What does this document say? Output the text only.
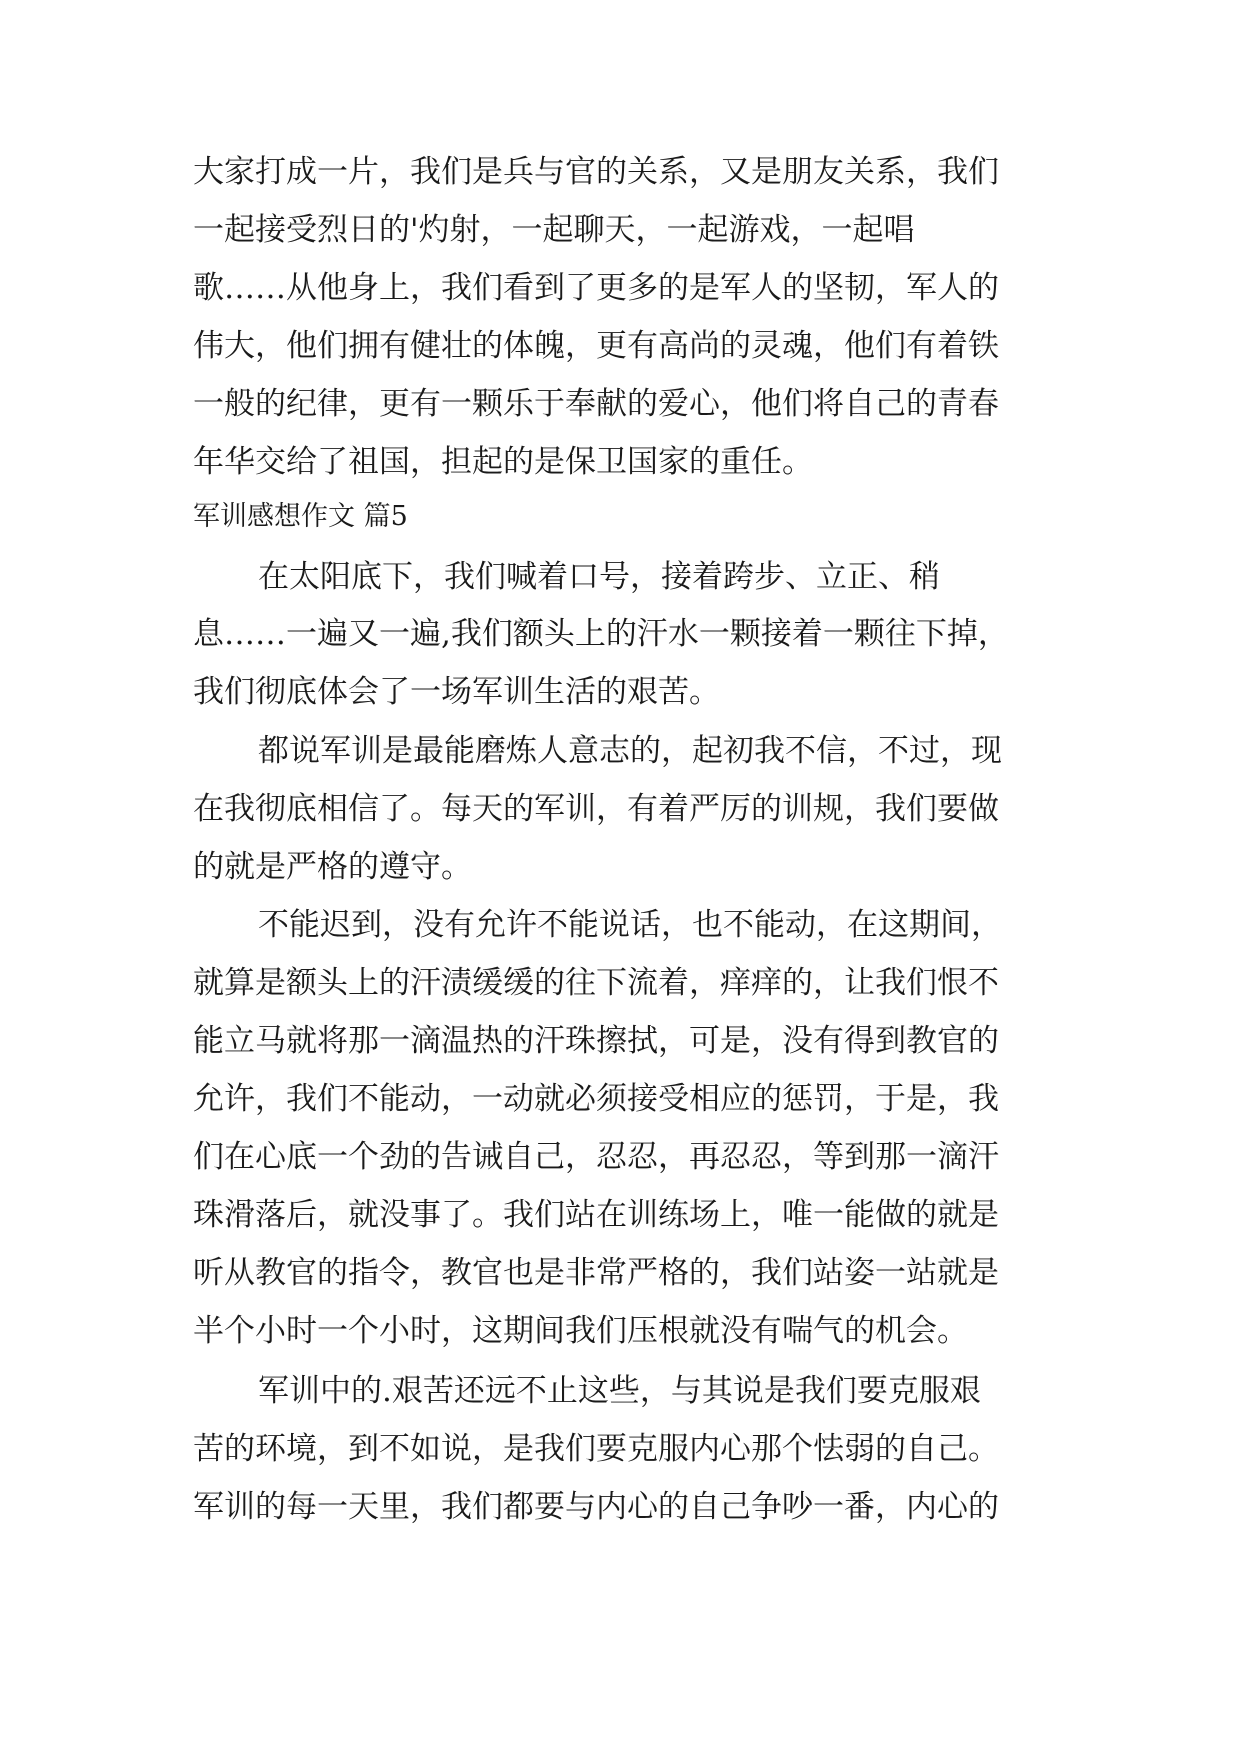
大家打成一片，我们是兵与官的关系，又是朋友关系，我们
一起接受烈日的'灼射，一起聊天，一起游戏，一起唱
歌……从他身上，我们看到了更多的是军人的坚韧，军人的
伟大，他们拥有健壮的体魄，更有高尚的灵魂，他们有着铁
一般的纪律，更有一颗乐于奉献的爱心，他们将自己的青春
年华交给了祖国，担起的是保卫国家的重任。
军训感想作文 篇5
在太阳底下，我们喊着口号，接着跨步、立正、稍
息……一遍又一遍,我们额头上的汗水一颗接着一颗往下掉，
我们彻底体会了一场军训生活的艰苦。
都说军训是最能磨炼人意志的，起初我不信，不过，现
在我彻底相信了。每天的军训，有着严厉的训规，我们要做
的就是严格的遵守。
不能迟到，没有允许不能说话，也不能动，在这期间，
就算是额头上的汗渍缓缓的往下流着，痒痒的，让我们恨不
能立马就将那一滴温热的汗珠擦拭，可是，没有得到教官的
允许，我们不能动，一动就必须接受相应的惩罚，于是，我
们在心底一个劲的告诫自己，忍忍，再忍忍，等到那一滴汗
珠滑落后，就没事了。我们站在训练场上，唯一能做的就是
听从教官的指令，教官也是非常严格的，我们站姿一站就是
半个小时一个小时，这期间我们压根就没有喘气的机会。
军训中的.艰苦还远不止这些，与其说是我们要克服艰
苦的环境，到不如说，是我们要克服内心那个怯弱的自己。
军训的每一天里，我们都要与内心的自己争吵一番，内心的
